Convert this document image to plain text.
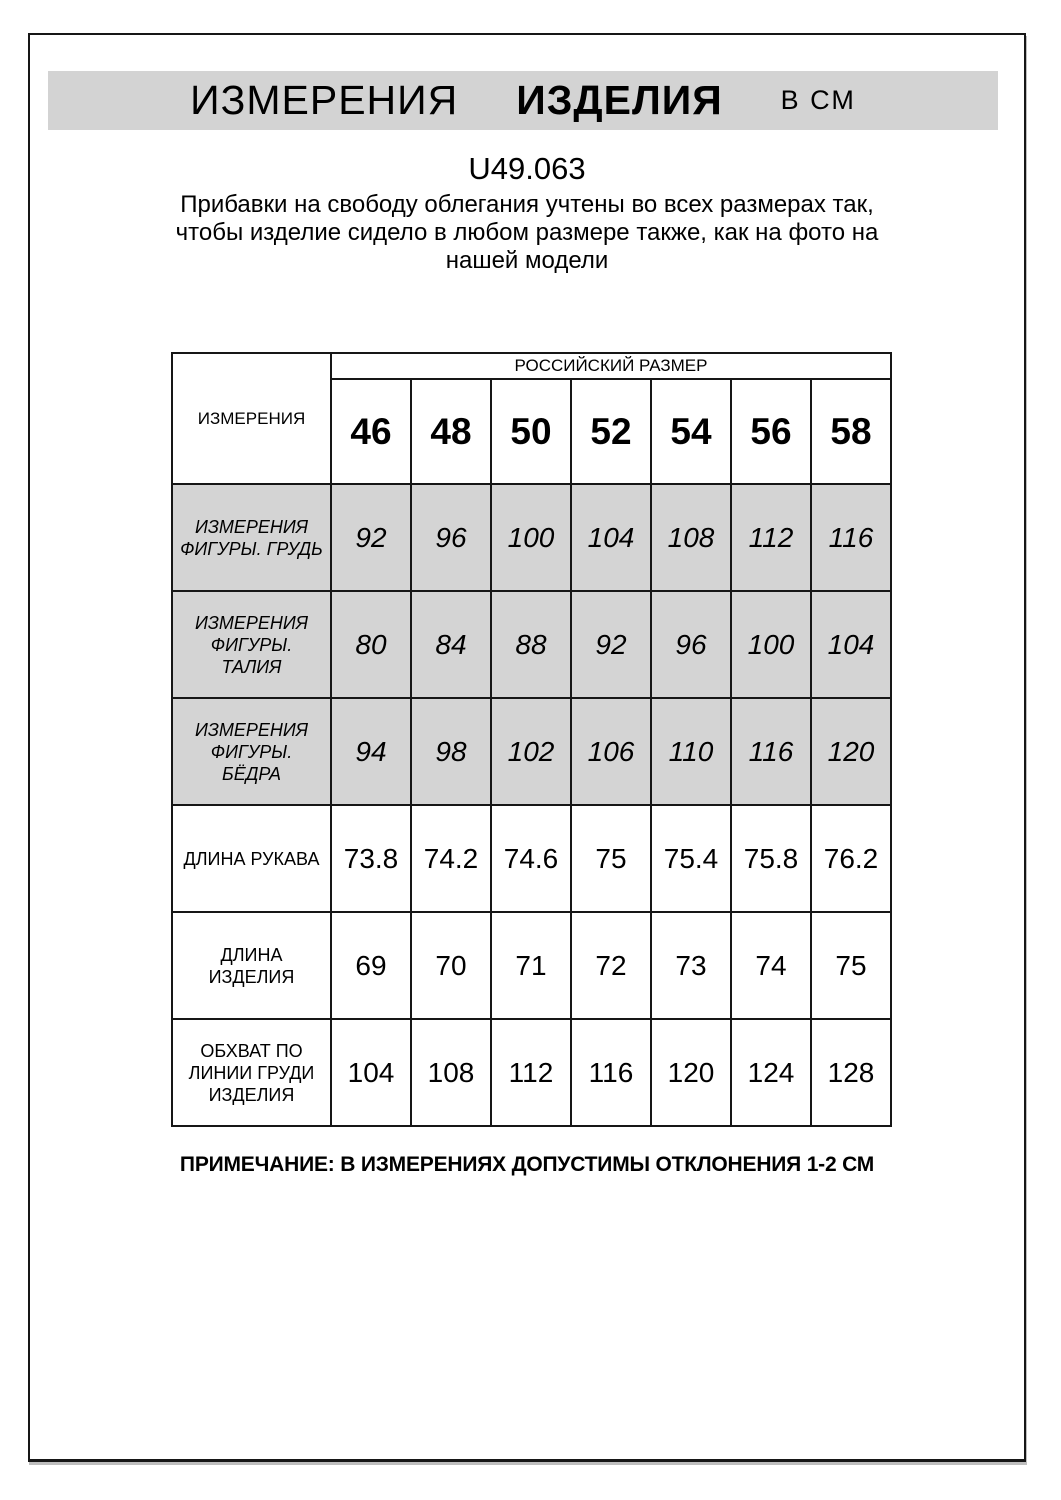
ИЗМЕРЕНИЯ ИЗДЕЛИЯ В СМ
U49.063
Прибавки на свободу облегания учтены во всех размерах так,
чтобы изделие сидело в любом размере также, как на фото на
нашей модели
ИЗМЕРЕНИЯ	РОССИЙСКИЙ РАЗМЕР						
	46	48	50	52	54	56	58
ИЗМЕРЕНИЯ ФИГУРЫ. ГРУДЬ	92	96	100	104	108	112	116
ИЗМЕРЕНИЯ ФИГУРЫ. ТАЛИЯ	80	84	88	92	96	100	104
ИЗМЕРЕНИЯ ФИГУРЫ. БЁДРА	94	98	102	106	110	116	120
ДЛИНА РУКАВА	73.8	74.2	74.6	75	75.4	75.8	76.2
ДЛИНА ИЗДЕЛИЯ	69	70	71	72	73	74	75
ОБХВАТ ПО ЛИНИИ ГРУДИ ИЗДЕЛИЯ	104	108	112	116	120	124	128
ПРИМЕЧАНИЕ: В ИЗМЕРЕНИЯХ ДОПУСТИМЫ ОТКЛОНЕНИЯ 1-2 СМ
